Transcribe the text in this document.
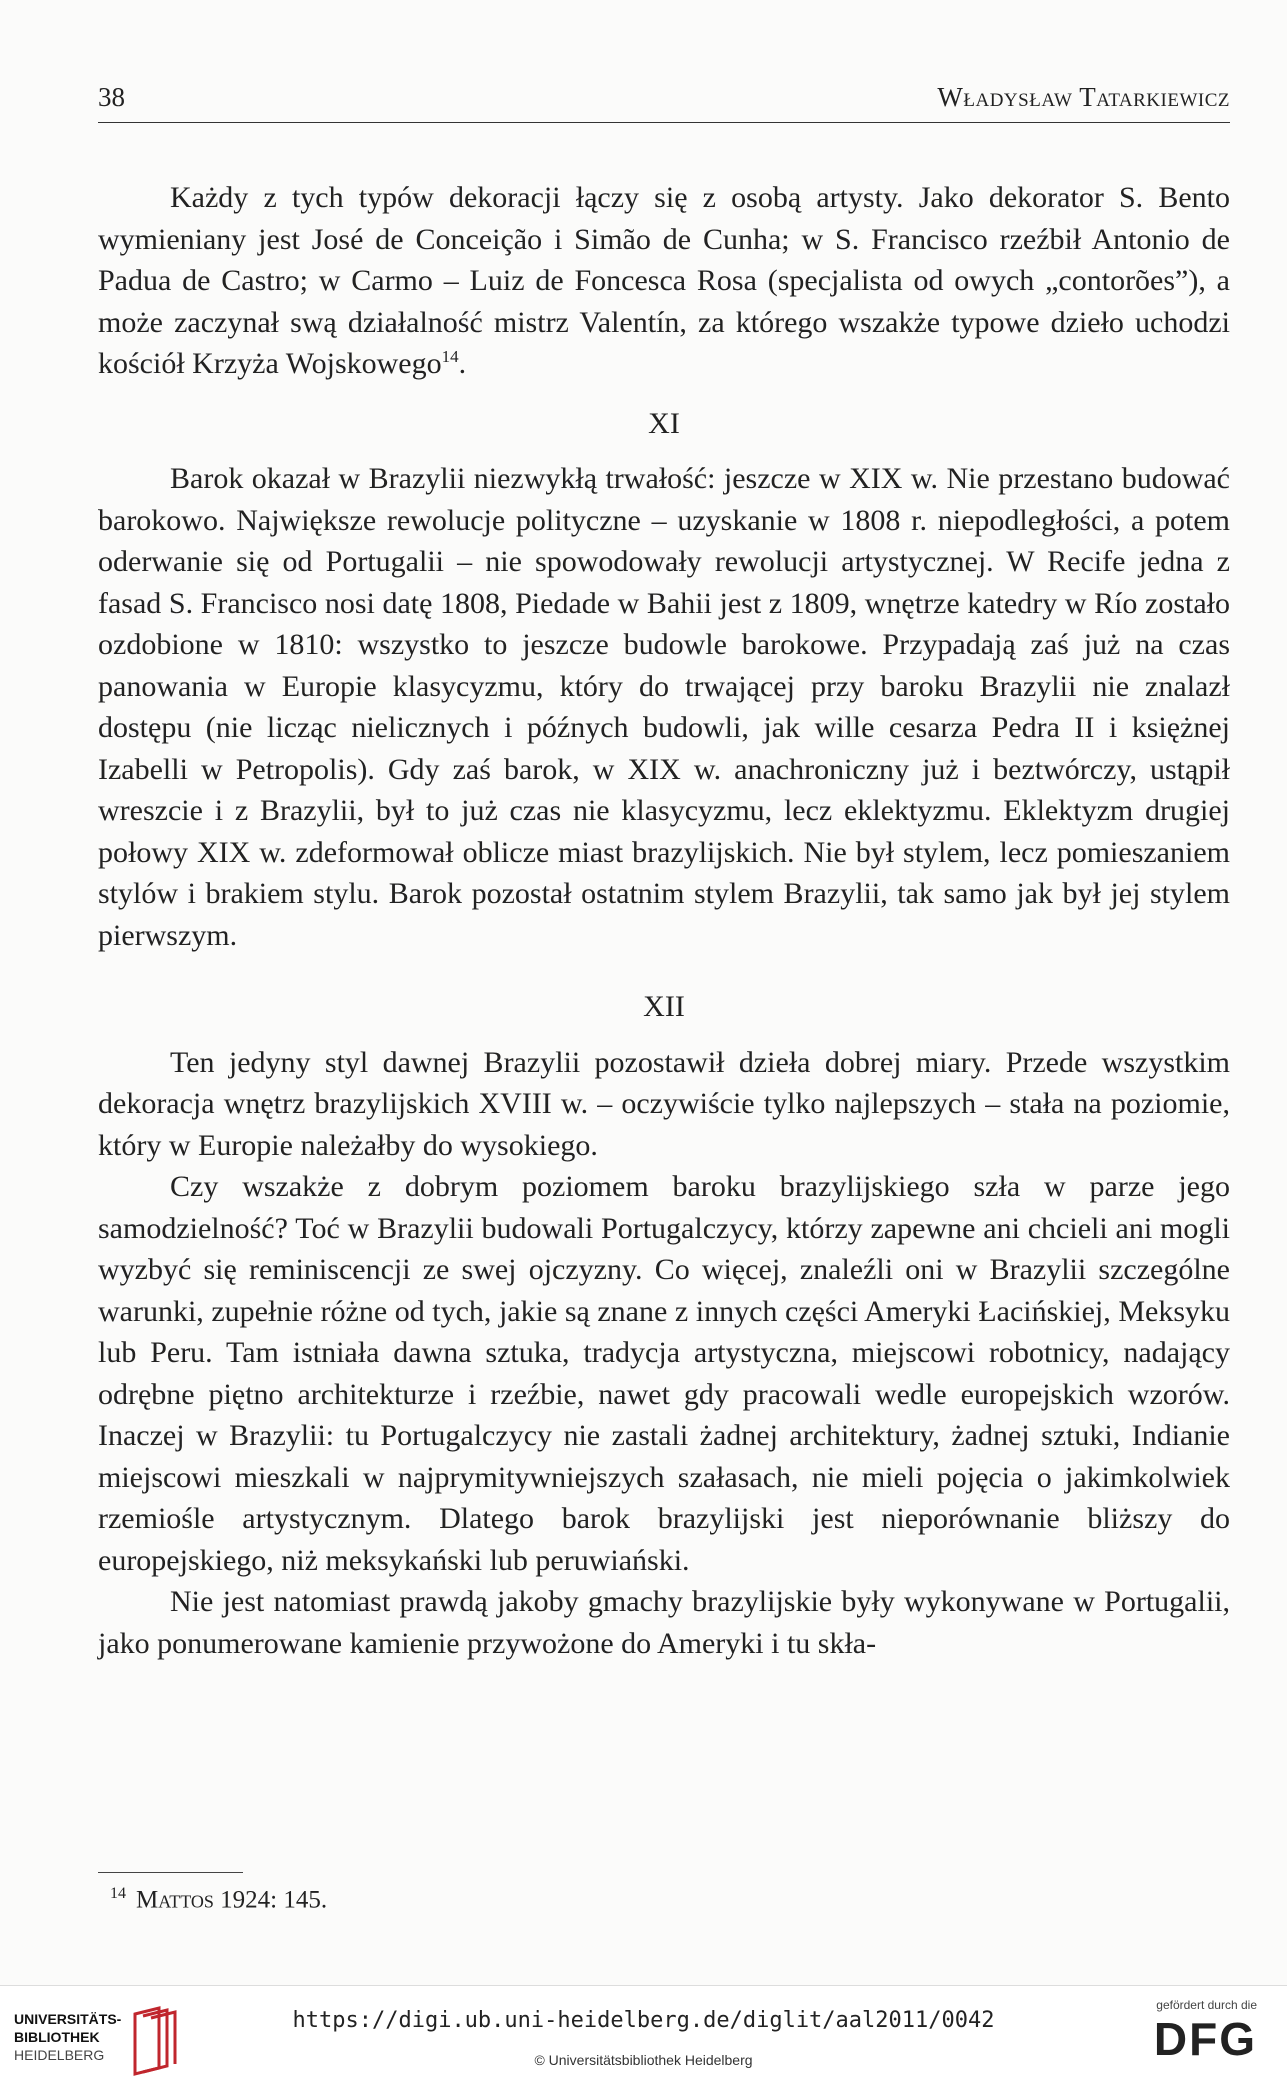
38	Władysław Tatarkiewicz

Każdy z tych typów dekoracji łączy się z osobą artysty. Jako dekorator S. Bento wymieniany jest José de Conceição i Simão de Cunha; w S. Francisco rzeźbił Antonio de Padua de Castro; w Carmo – Luiz de Foncesca Rosa (specjalista od owych „contorões”), a może zaczynał swą działalność mistrz Valentín, za którego wszakże typowe dzieło uchodzi kościół Krzyża Wojskowego$^{14}$.

XI

Barok okazał w Brazylii niezwykłą trwałość: jeszcze w XIX w. Nie przestano budować barokowo. Największe rewolucje polityczne – uzyskanie w 1808 r. niepodległości, a potem oderwanie się od Portugalii – nie spowodowały rewolucji artystycznej. W Recife jedna z fasad S. Francisco nosi datę 1808, Piedade w Bahii jest z 1809, wnętrze katedry w Río zostało ozdobione w 1810: wszystko to jeszcze budowle barokowe. Przypadają zaś już na czas panowania w Europie klasycyzmu, który do trwającej przy baroku Brazylii nie znalazł dostępu (nie licząc nielicznych i późnych budowli, jak wille cesarza Pedra II i księżnej Izabelli w Petropolis). Gdy zaś barok, w XIX w. anachroniczny już i beztwórczy, ustąpił wreszcie i z Brazylii, był to już czas nie klasycyzmu, lecz eklektyzmu. Eklektyzm drugiej połowy XIX w. zdeformował oblicze miast brazylijskich. Nie był stylem, lecz pomieszaniem stylów i brakiem stylu. Barok pozostał ostatnim stylem Brazylii, tak samo jak był jej stylem pierwszym.

XII

Ten jedyny styl dawnej Brazylii pozostawił dzieła dobrej miary. Przede wszystkim dekoracja wnętrz brazylijskich XVIII w. – oczywiście tylko najlepszych – stała na poziomie, który w Europie należałby do wysokiego.

Czy wszakże z dobrym poziomem baroku brazylijskiego szła w parze jego samodzielność? Toć w Brazylii budowali Portugalczycy, którzy zapewne ani chcieli ani mogli wyzbyć się reminiscencji ze swej ojczyzny. Co więcej, znaleźli oni w Brazylii szczególne warunki, zupełnie różne od tych, jakie są znane z innych części Ameryki Łacińskiej, Meksyku lub Peru. Tam istniała dawna sztuka, tradycja artystyczna, miejscowi robotnicy, nadający odrębne piętno architekturze i rzeźbie, nawet gdy pracowali wedle europejskich wzorów. Inaczej w Brazylii: tu Portugalczycy nie zastali żadnej architektury, żadnej sztuki, Indianie miejscowi mieszkali w najprymitywniejszych szałasach, nie mieli pojęcia o jakimkolwiek rzemiośle artystycznym. Dlatego barok brazylijski jest nieporównanie bliższy do europejskiego, niż meksykański lub peruwiański.

Nie jest natomiast prawdą jakoby gmachy brazylijskie były wykonywane w Portugalii, jako ponumerowane kamienie przywożone do Ameryki i tu skła-

$^{14}$ Mattos 1924: 145.
UNIVERSITÄTS-
BIBLIOTHEK
HEIDELBERG
https://digi.ub.uni-heidelberg.de/diglit/aal2011/0042
© Universitätsbibliothek Heidelberg
gefördert durch die
DFG
